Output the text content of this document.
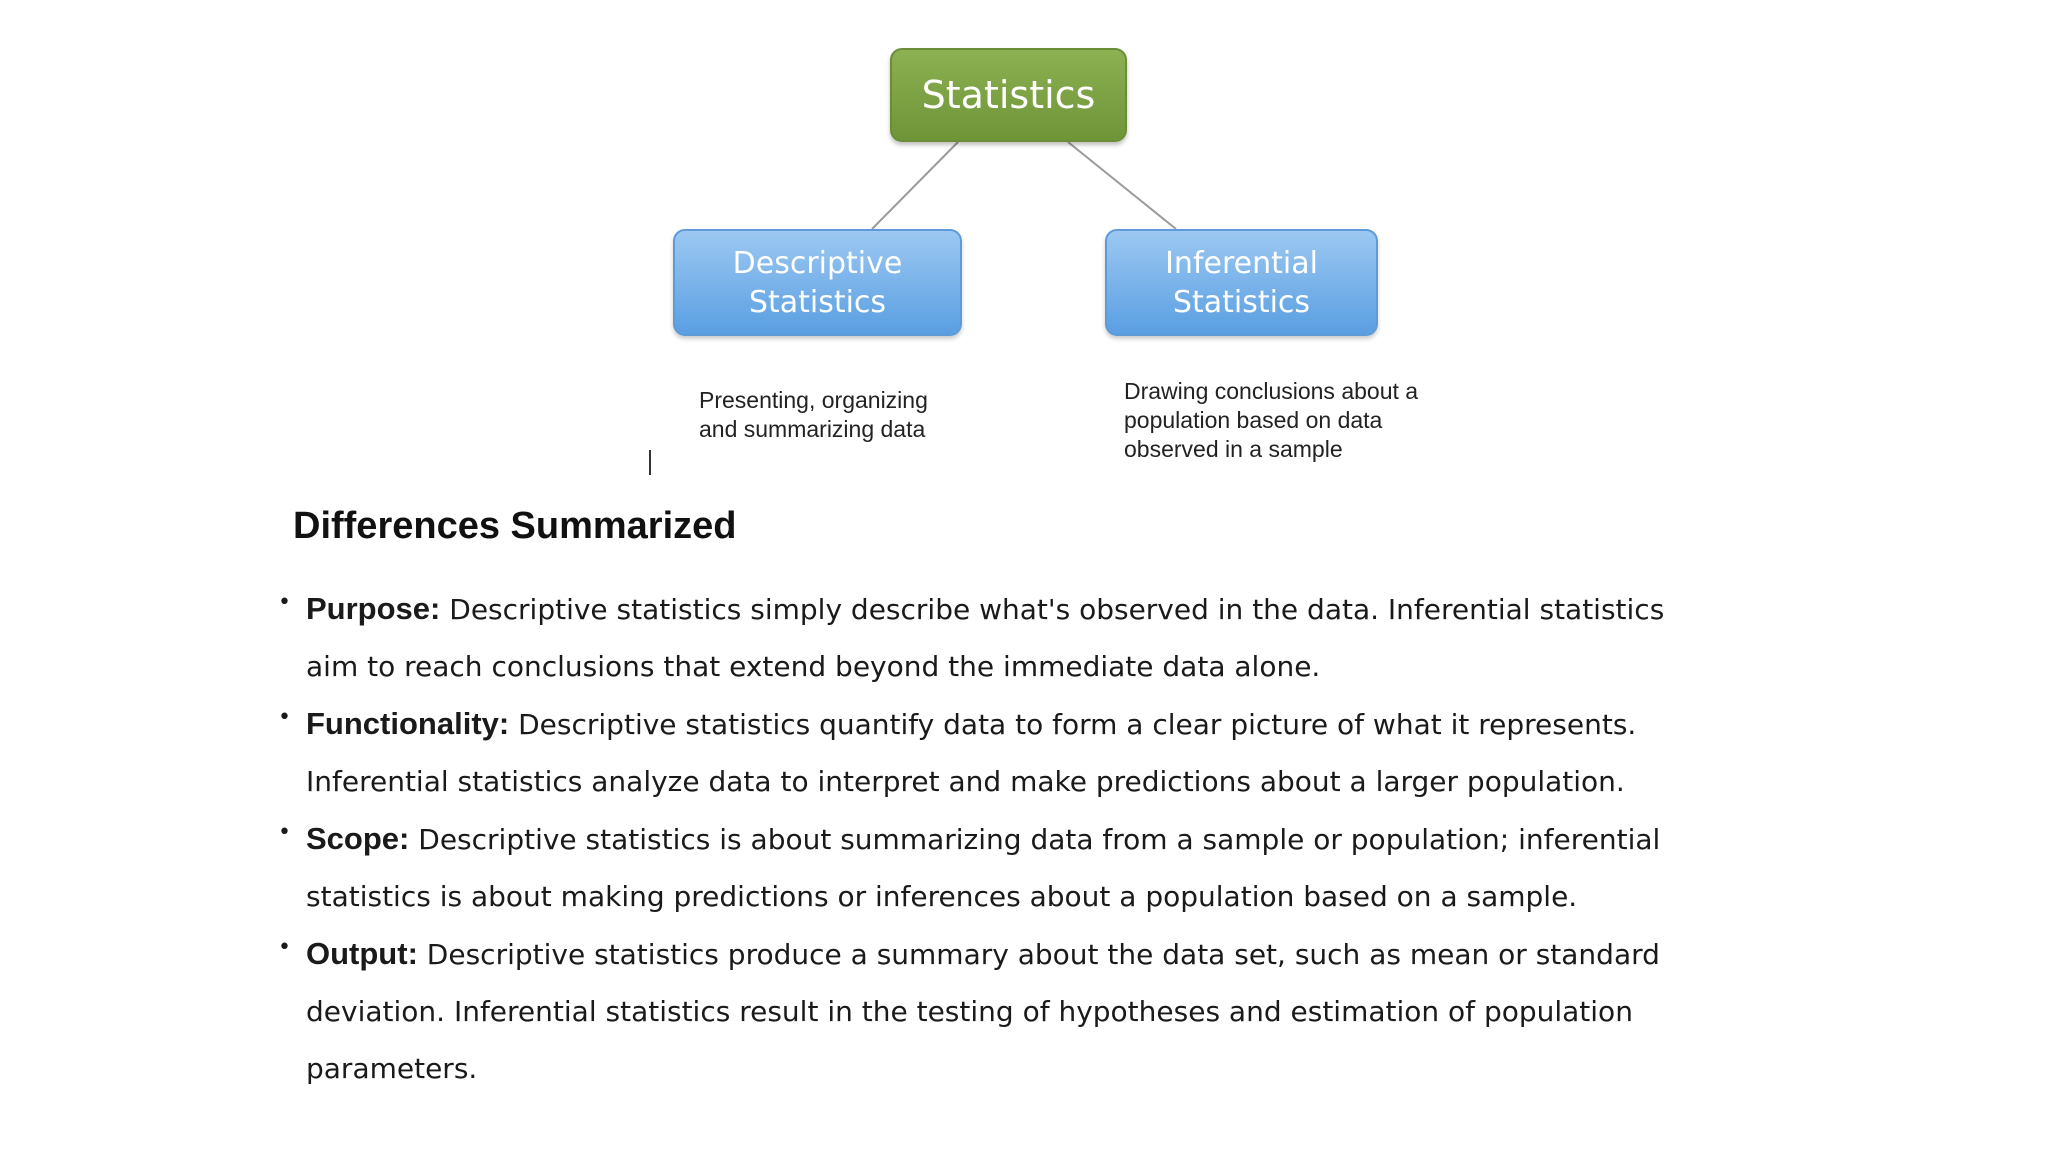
Statistics
Descriptive Statistics
Inferential Statistics
Presenting, organizing and summarizing data
Drawing conclusions about a population based on data observed in a sample
Differences Summarized
• Purpose: Descriptive statistics simply describe what's observed in the data. Inferential statistics aim to reach conclusions that extend beyond the immediate data alone.
• Functionality: Descriptive statistics quantify data to form a clear picture of what it represents. Inferential statistics analyze data to interpret and make predictions about a larger population.
• Scope: Descriptive statistics is about summarizing data from a sample or population; inferential statistics is about making predictions or inferences about a population based on a sample.
• Output: Descriptive statistics produce a summary about the data set, such as mean or standard deviation. Inferential statistics result in the testing of hypotheses and estimation of population parameters.
